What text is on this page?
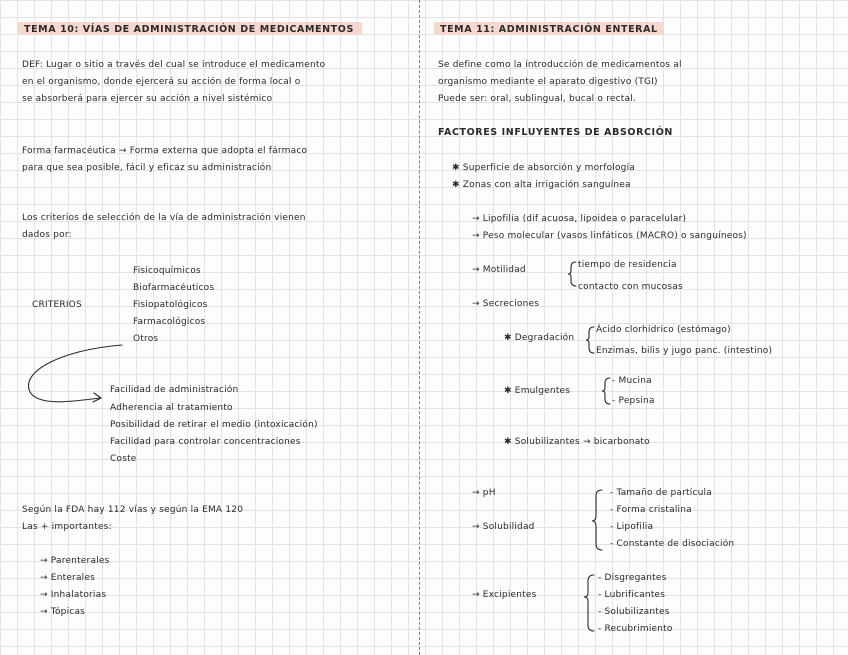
TEMA 10: VÍAS DE ADMINISTRACIÓN DE MEDICAMENTOS
DEF: Lugar o sitio a través del cual se introduce el medicamento
en el organismo, donde ejercerá su acción de forma local o
se absorberá para ejercer su acción a nivel sistémico
Forma farmacéutica → Forma externa que adopta el fármaco
para que sea posible, fácil y eficaz su administración
Los criterios de selección de la vía de administración vienen
dados por:
CRITERIOS
Fisicoquímicos
Biofarmacéuticos
Fisiopatológicos
Farmacológicos
Otros
Facilidad de administración
Adherencia al tratamiento
Posibilidad de retirar el medio (intoxicación)
Facilidad para controlar concentraciones
Coste
Según la FDA hay 112 vías y según la EMA 120
Las + importantes:
→ Parenterales
→ Enterales
→ Inhalatorias
→ Tópicas
TEMA 11: ADMINISTRACIÓN ENTERAL
Se define como la introducción de medicamentos al
organismo mediante el aparato digestivo (TGI)
Puede ser: oral, sublingual, bucal o rectal.
FACTORES INFLUYENTES DE ABSORCIÓN
✱ Superficie de absorción y morfología
✱ Zonas con alta irrigación sanguínea
→ Lipofilia (dif acuosa, lipoidea o paracelular)
→ Peso molecular (vasos linfáticos (MACRO) o sanguíneos)
→ Motilidad	tiempo de residencia
contacto con mucosas
→ Secreciones
✱ Degradación
Ácido clorhídrico (estómago)
Enzimas, bilis y jugo panc. (intestino)
✱ Emulgentes
- Mucina
- Pepsina
✱ Solubilizantes → bicarbonato
→ pH
→ Solubilidad
- Tamaño de partícula
- Forma cristalina
- Lipofilia
- Constante de disociación
→ Excipientes
- Disgregantes
- Lubrificantes
- Solubilizantes
- Recubrimiento
